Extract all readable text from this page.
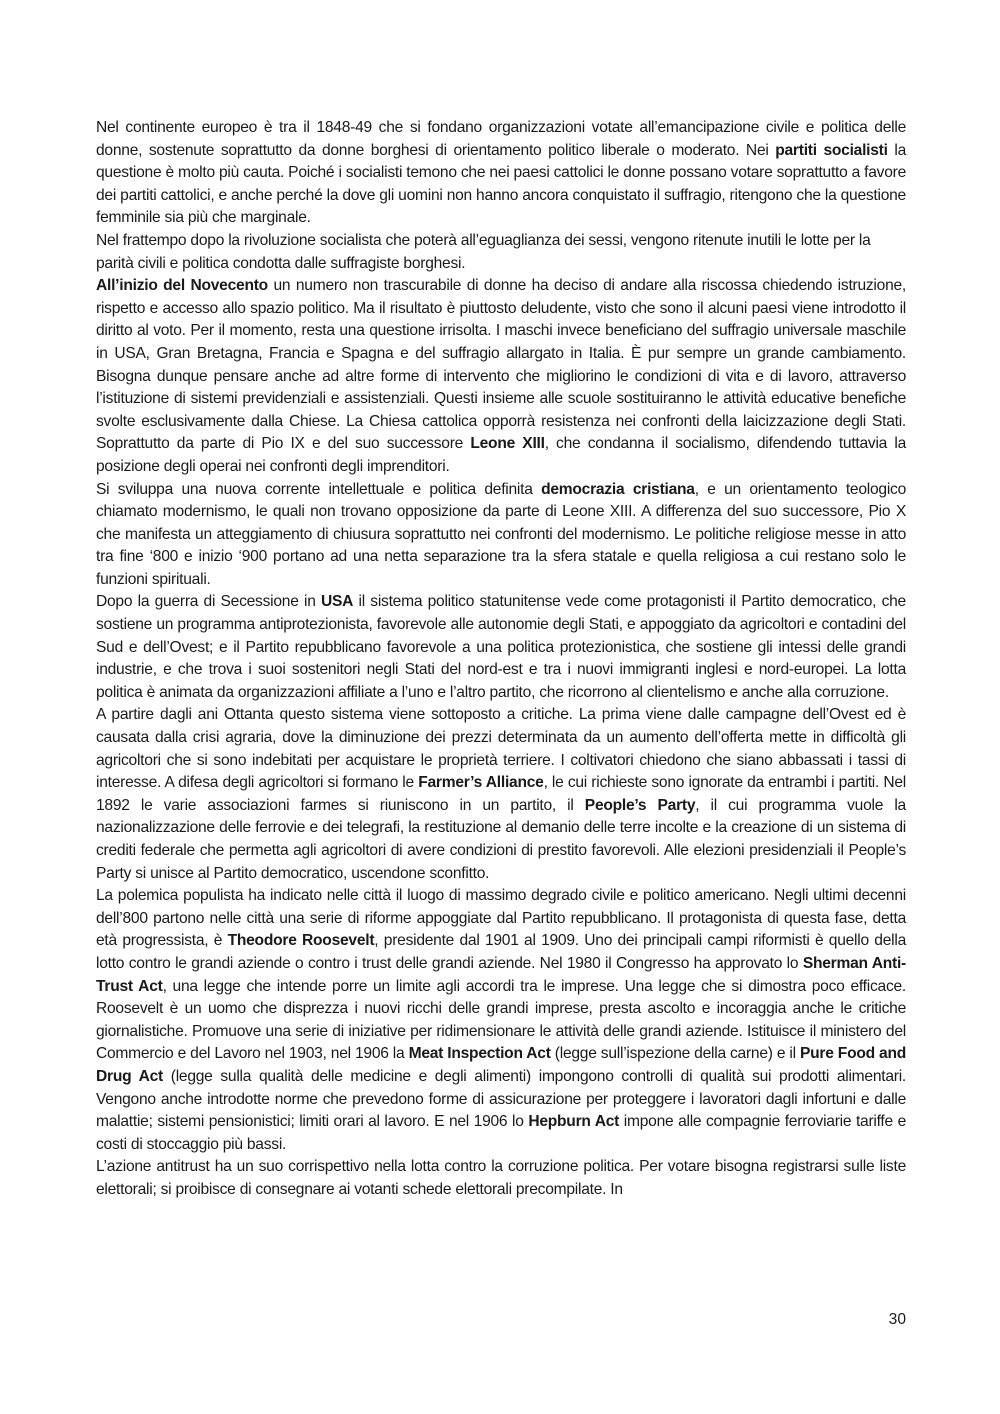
Nel continente europeo è tra il 1848-49 che si fondano organizzazioni votate all’emancipazione civile e politica delle donne, sostenute soprattutto da donne borghesi di orientamento politico liberale o moderato. Nei partiti socialisti la questione è molto più cauta. Poiché i socialisti temono che nei paesi cattolici le donne possano votare soprattutto a favore dei partiti cattolici, e anche perché la dove gli uomini non hanno ancora conquistato il suffragio, ritengono che la questione femminile sia più che marginale.

Nel frattempo dopo la rivoluzione socialista che poterà all’eguaglianza dei sessi, vengono ritenute inutili le lotte per la parità civili e politica condotta dalle suffragiste borghesi.

All’inizio del Novecento un numero non trascurabile di donne ha deciso di andare alla riscossa chiedendo istruzione, rispetto e accesso allo spazio politico. Ma il risultato è piuttosto deludente, visto che sono il alcuni paesi viene introdotto il diritto al voto. Per il momento, resta una questione irrisolta. I maschi invece beneficiano del suffragio universale maschile in USA, Gran Bretagna, Francia e Spagna e del suffragio allargato in Italia. È pur sempre un grande cambiamento. Bisogna dunque pensare anche ad altre forme di intervento che migliorino le condizioni di vita e di lavoro, attraverso l’istituzione di sistemi previdenziali e assistenziali. Questi insieme alle scuole sostituiranno le attività educative benefiche svolte esclusivamente dalla Chiese. La Chiesa cattolica opporrà resistenza nei confronti della laicizzazione degli Stati. Soprattutto da parte di Pio IX e del suo successore Leone XIII, che condanna il socialismo, difendendo tuttavia la posizione degli operai nei confronti degli imprenditori.

Si sviluppa una nuova corrente intellettuale e politica definita democrazia cristiana, e un orientamento teologico chiamato modernismo, le quali non trovano opposizione da parte di Leone XIII. A differenza del suo successore, Pio X che manifesta un atteggiamento di chiusura soprattutto nei confronti del modernismo. Le politiche religiose messe in atto tra fine ‘800 e inizio ‘900 portano ad una netta separazione tra la sfera statale e quella religiosa a cui restano solo le funzioni spirituali.

Dopo la guerra di Secessione in USA il sistema politico statunitense vede come protagonisti il Partito democratico, che sostiene un programma antiprotezionista, favorevole alle autonomie degli Stati, e appoggiato da agricoltori e contadini del Sud e dell’Ovest; e il Partito repubblicano favorevole a una politica protezionistica, che sostiene gli intessi delle grandi industrie, e che trova i suoi sostenitori negli Stati del nord-est e tra i nuovi immigranti inglesi e nord-europei. La lotta politica è animata da organizzazioni affiliate a l’uno e l’altro partito, che ricorrono al clientelismo e anche alla corruzione.

A partire dagli ani Ottanta questo sistema viene sottoposto a critiche. La prima viene dalle campagne dell’Ovest ed è causata dalla crisi agraria, dove la diminuzione dei prezzi determinata da un aumento dell’offerta mette in difficoltà gli agricoltori che si sono indebitati per acquistare le proprietà terriere. I coltivatori chiedono che siano abbassati i tassi di interesse. A difesa degli agricoltori si formano le Farmer’s Alliance, le cui richieste sono ignorate da entrambi i partiti. Nel 1892 le varie associazioni farmes si riuniscono in un partito, il People’s Party, il cui programma vuole la nazionalizzazione delle ferrovie e dei telegrafi, la restituzione al demanio delle terre incolte e la creazione di un sistema di crediti federale che permetta agli agricoltori di avere condizioni di prestito favorevoli. Alle elezioni presidenziali il People’s Party si unisce al Partito democratico, uscendone sconfitto.

La polemica populista ha indicato nelle città il luogo di massimo degrado civile e politico americano. Negli ultimi decenni dell’800 partono nelle città una serie di riforme appoggiate dal Partito repubblicano. Il protagonista di questa fase, detta età progressista, è Theodore Roosevelt, presidente dal 1901 al 1909. Uno dei principali campi riformisti è quello della lotto contro le grandi aziende o contro i trust delle grandi aziende. Nel 1980 il Congresso ha approvato lo Sherman Anti-Trust Act, una legge che intende porre un limite agli accordi tra le imprese. Una legge che si dimostra poco efficace. Roosevelt è un uomo che disprezza i nuovi ricchi delle grandi imprese, presta ascolto e incoraggia anche le critiche giornalistiche. Promuove una serie di iniziative per ridimensionare le attività delle grandi aziende. Istituisce il ministero del Commercio e del Lavoro nel 1903, nel 1906 la Meat Inspection Act (legge sull’ispezione della carne) e il Pure Food and Drug Act (legge sulla qualità delle medicine e degli alimenti) impongono controlli di qualità sui prodotti alimentari. Vengono anche introdotte norme che prevedono forme di assicurazione per proteggere i lavoratori dagli infortuni e dalle malattie; sistemi pensionistici; limiti orari al lavoro. E nel 1906 lo Hepburn Act impone alle compagnie ferroviarie tariffe e costi di stoccaggio più bassi.

L’azione antitrust ha un suo corrispettivo nella lotta contro la corruzione politica. Per votare bisogna registrarsi sulle liste elettorali; si proibisce di consegnare ai votanti schede elettorali precompilate. In

30
